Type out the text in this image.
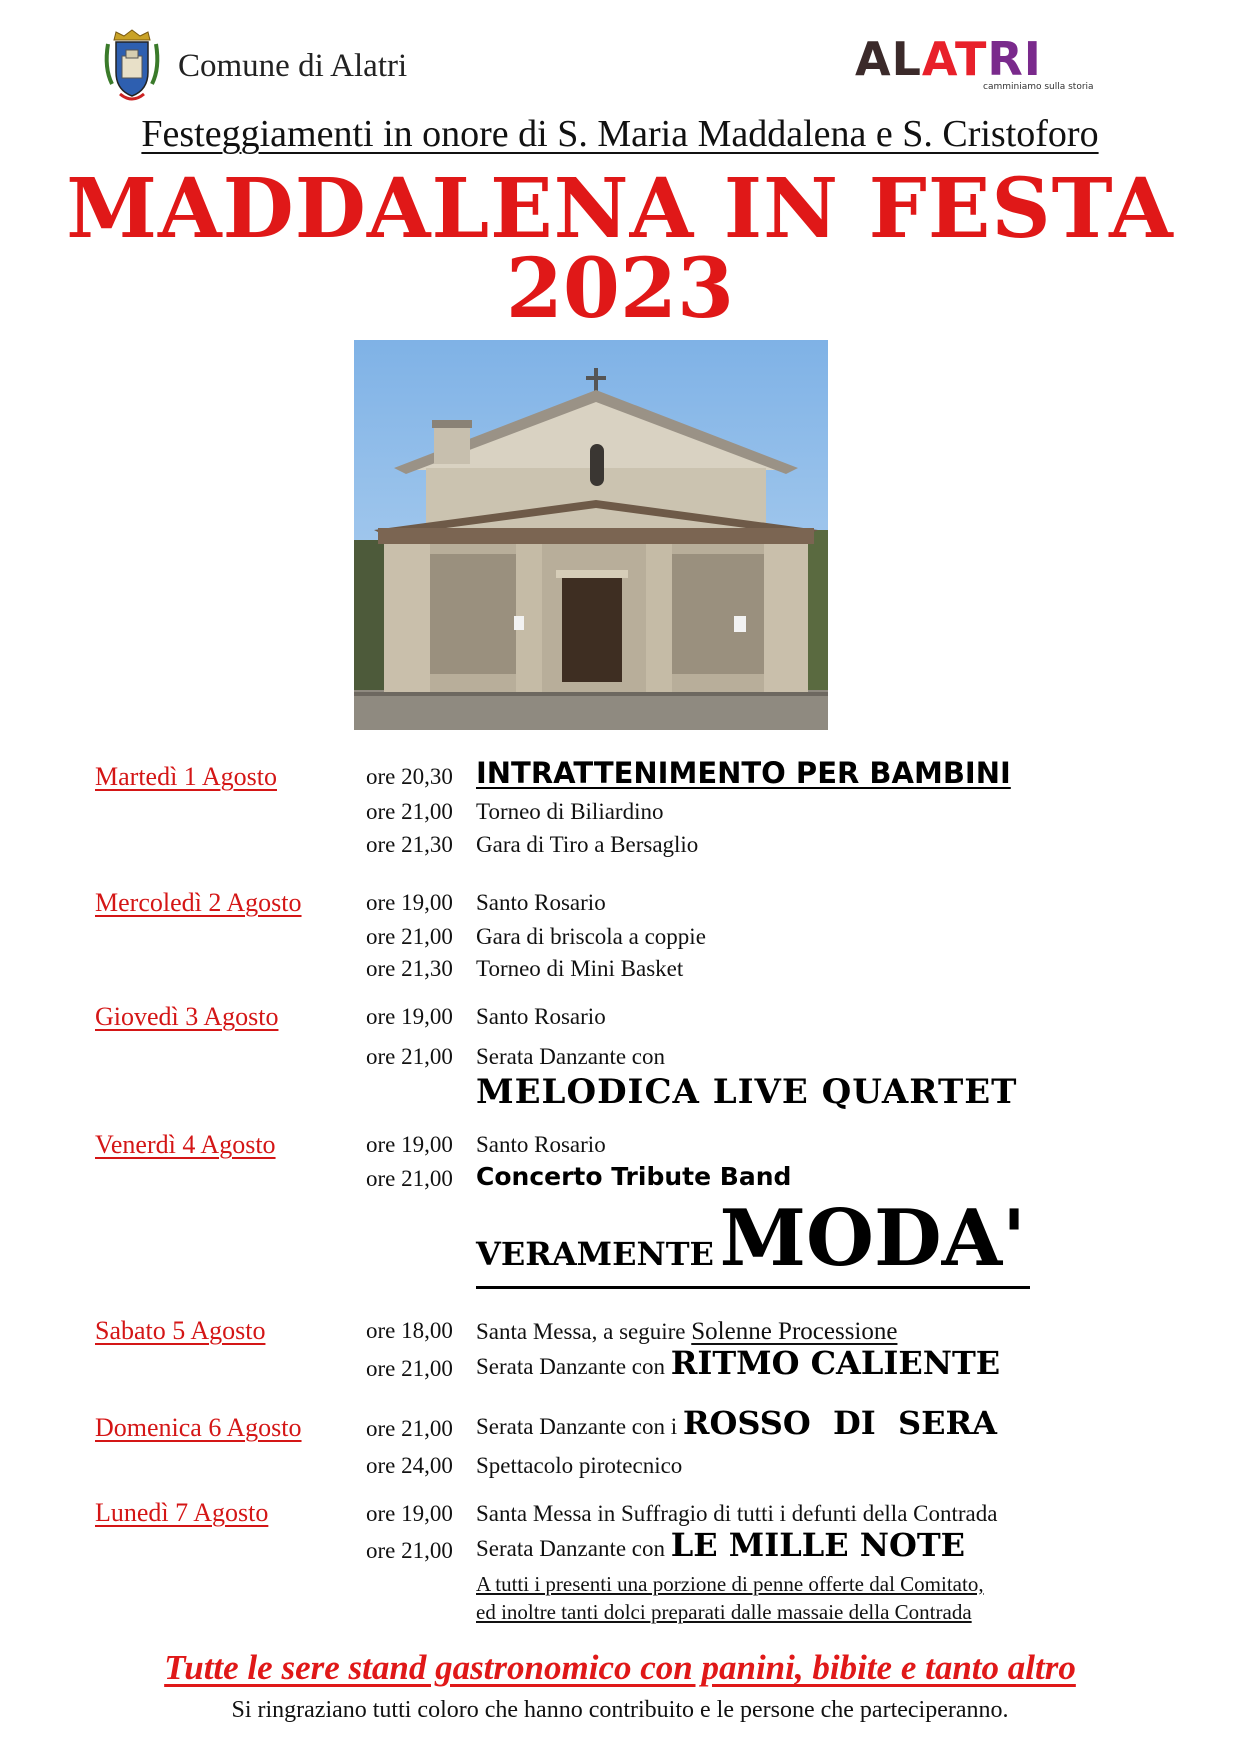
Comune di Alatri	ALATRI
camminiamo sulla storia
Festeggiamenti in onore di S. Maria Maddalena e S. Cristoforo
MADDALENA IN FESTA
2023
Martedì 1 Agosto	ore 20,30 INTRATTENIMENTO PER BAMBINI
ore 21,00 Torneo di Biliardino
ore 21,30 Gara di Tiro a Bersaglio
Mercoledì 2 Agosto	ore 19,00 Santo Rosario
ore 21,00 Gara di briscola a coppie
ore 21,30 Torneo di Mini Basket
Giovedì 3 Agosto	ore 19,00 Santo Rosario
ore 21,00 Serata Danzante con
MELODICA LIVE QUARTET
Venerdì 4 Agosto	ore 19,00 Santo Rosario
ore 21,00 Concerto Tribute Band
VERAMENTE MODA'
Sabato 5 Agosto	ore 18,00 Santa Messa, a seguire Solenne Processione
ore 21,00 Serata Danzante con RITMO CALIENTE
Domenica 6 Agosto	ore 21,00 Serata Danzante con i ROSSO  DI  SERA
ore 24,00 Spettacolo pirotecnico
Lunedì 7 Agosto	ore 19,00 Santa Messa in Suffragio di tutti i defunti della Contrada
ore 21,00 Serata Danzante con LE MILLE NOTE
A tutti i presenti una porzione di penne offerte dal Comitato,
ed inoltre tanti dolci preparati dalle massaie della Contrada
Tutte le sere stand gastronomico con panini, bibite e tanto altro
Si ringraziano tutti coloro che hanno contribuito e le persone che parteciperanno.
